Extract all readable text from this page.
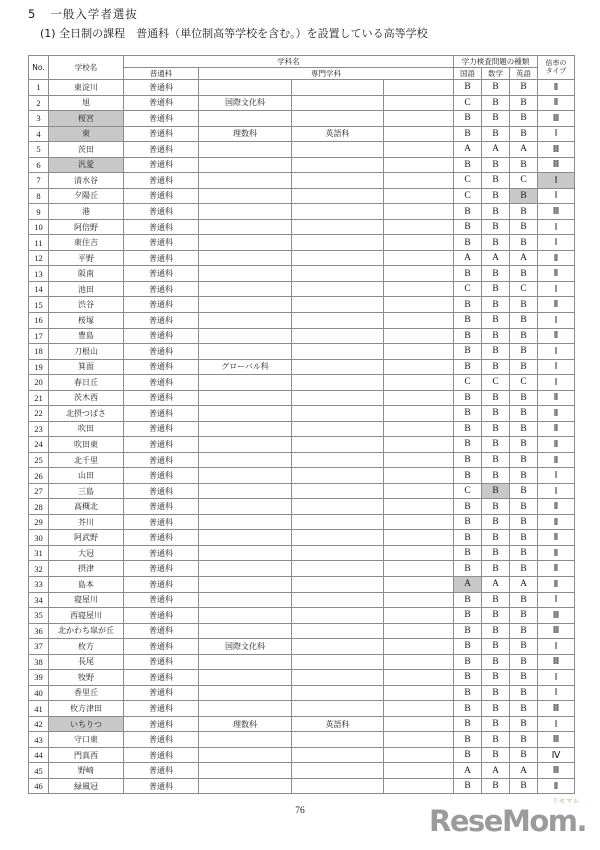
5 一般入学者選抜
(1) 全日制の課程　普通科（単位制高等学校を含む。）を設置している高等学校
No.	学校名	学科名				学力検査問題の種類			倍率の
タイプ
		普通科	専門学科			国語	数学	英語	
1	東淀川	普通科				B	B	B	Ⅱ
2	旭	普通科	国際文化科			C	B	B	Ⅱ
3	桜宮	普通科				B	B	B	Ⅲ
4	東	普通科	理数科	英語科		B	B	B	Ⅰ
5	茨田	普通科				A	A	A	Ⅲ
6	汎愛	普通科				B	B	B	Ⅲ
7	清水谷	普通科				C	B	C	Ⅰ
8	夕陽丘	普通科				C	B	B	Ⅰ
9	港	普通科				B	B	B	Ⅲ
10	阿倍野	普通科				B	B	B	Ⅰ
11	東住吉	普通科				B	B	B	Ⅰ
12	平野	普通科				A	A	A	Ⅱ
13	阪南	普通科				B	B	B	Ⅱ
14	池田	普通科				C	B	C	Ⅰ
15	渋谷	普通科				B	B	B	Ⅱ
16	桜塚	普通科				B	B	B	Ⅰ
17	豊島	普通科				B	B	B	Ⅱ
18	刀根山	普通科				B	B	B	Ⅰ
19	箕面	普通科	グローバル科			B	B	B	Ⅰ
20	春日丘	普通科				C	C	C	Ⅰ
21	茨木西	普通科				B	B	B	Ⅱ
22	北摂つばさ	普通科				B	B	B	Ⅱ
23	吹田	普通科				B	B	B	Ⅱ
24	吹田東	普通科				B	B	B	Ⅱ
25	北千里	普通科				B	B	B	Ⅱ
26	山田	普通科				B	B	B	Ⅰ
27	三島	普通科				C	B	B	Ⅰ
28	高槻北	普通科				B	B	B	Ⅱ
29	芥川	普通科				B	B	B	Ⅱ
30	阿武野	普通科				B	B	B	Ⅱ
31	大冠	普通科				B	B	B	Ⅱ
32	摂津	普通科				B	B	B	Ⅱ
33	島本	普通科				A	A	A	Ⅱ
34	寝屋川	普通科				B	B	B	Ⅰ
35	西寝屋川	普通科				B	B	B	Ⅲ
36	北かわち皐が丘	普通科				B	B	B	Ⅲ
37	枚方	普通科	国際文化科			B	B	B	Ⅰ
38	長尾	普通科				B	B	B	Ⅲ
39	牧野	普通科				B	B	B	Ⅰ
40	香里丘	普通科				B	B	B	Ⅰ
41	枚方津田	普通科				B	B	B	Ⅲ
42	いちりつ	普通科	理数科	英語科		B	B	B	Ⅰ
43	守口東	普通科				B	B	B	Ⅲ
44	門真西	普通科				B	B	B	Ⅳ
45	野崎	普通科				A	A	A	Ⅲ
46	緑風冠	普通科				B	B	B	Ⅱ
76
リセマム
ReseMom.
